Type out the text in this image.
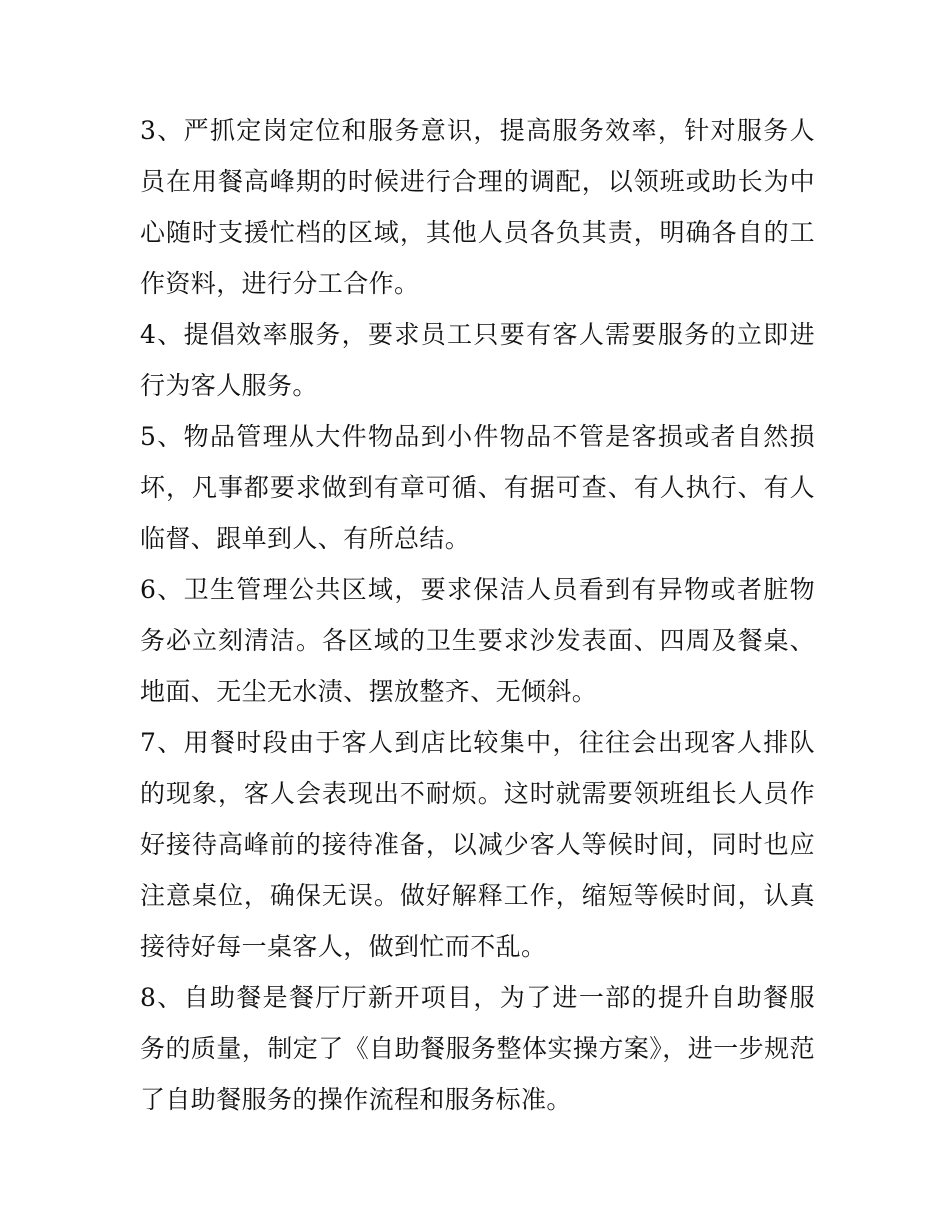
3、严抓定岗定位和服务意识，提高服务效率，针对服务人员在用餐高峰期的时候进行合理的调配，以领班或助长为中心随时支援忙档的区域，其他人员各负其责，明确各自的工作资料，进行分工合作。

4、提倡效率服务，要求员工只要有客人需要服务的立即进行为客人服务。

5、物品管理从大件物品到小件物品不管是客损或者自然损坏，凡事都要求做到有章可循、有据可查、有人执行、有人临督、跟单到人、有所总结。

6、卫生管理公共区域，要求保洁人员看到有异物或者脏物务必立刻清洁。各区域的卫生要求沙发表面、四周及餐桌、地面、无尘无水渍、摆放整齐、无倾斜。

7、用餐时段由于客人到店比较集中，往往会出现客人排队的现象，客人会表现出不耐烦。这时就需要领班组长人员作好接待高峰前的接待准备，以减少客人等候时间，同时也应注意桌位，确保无误。做好解释工作，缩短等候时间，认真接待好每一桌客人，做到忙而不乱。

8、自助餐是餐厅厅新开项目，为了进一部的提升自助餐服务的质量，制定了《自助餐服务整体实操方案》，进一步规范了自助餐服务的操作流程和服务标准。
